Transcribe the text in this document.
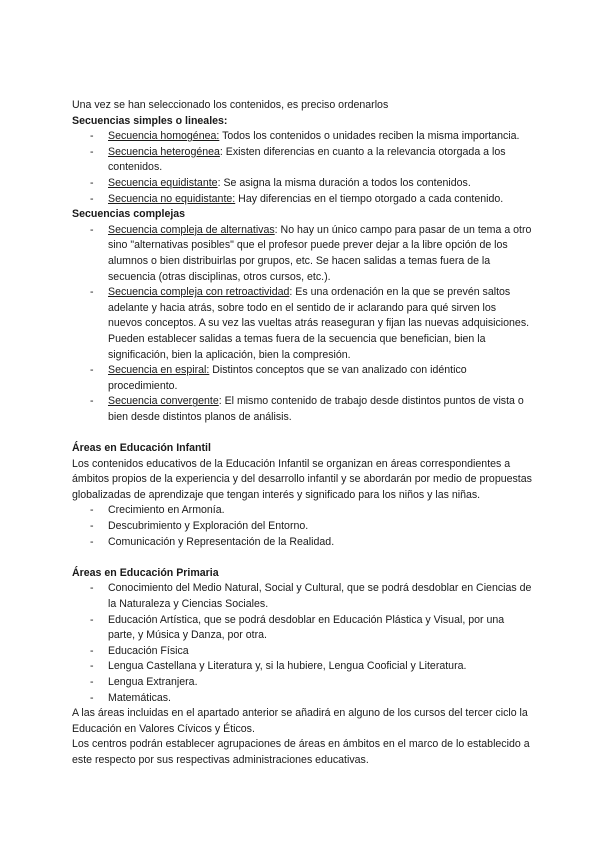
Una vez se han seleccionado los contenidos, es preciso ordenarlos

Secuencias simples o lineales:

- Secuencia homogénea: Todos los contenidos o unidades reciben la misma importancia.
- Secuencia heterogénea: Existen diferencias en cuanto a la relevancia otorgada a los contenidos.
- Secuencia equidistante: Se asigna la misma duración a todos los contenidos.
- Secuencia no equidistante: Hay diferencias en el tiempo otorgado a cada contenido.

Secuencias complejas

- Secuencia compleja de alternativas: No hay un único campo para pasar de un tema a otro sino "alternativas posibles" que el profesor puede prever dejar a la libre opción de los alumnos o bien distribuirlas por grupos, etc. Se hacen salidas a temas fuera de la secuencia (otras disciplinas, otros cursos, etc.).
- Secuencia compleja con retroactividad: Es una ordenación en la que se prevén saltos adelante y hacia atrás, sobre todo en el sentido de ir aclarando para qué sirven los nuevos conceptos. A su vez las vueltas atrás reaseguran y fijan las nuevas adquisiciones. Pueden establecer salidas a temas fuera de la secuencia que benefician, bien la significación, bien la aplicación, bien la compresión.
- Secuencia en espiral: Distintos conceptos que se van analizado con idéntico procedimiento.
- Secuencia convergente: El mismo contenido de trabajo desde distintos puntos de vista o bien desde distintos planos de análisis.

Áreas en Educación Infantil

Los contenidos educativos de la Educación Infantil se organizan en áreas correspondientes a ámbitos propios de la experiencia y del desarrollo infantil y se abordarán por medio de propuestas globalizadas de aprendizaje que tengan interés y significado para los niños y las niñas.

- Crecimiento en Armonía.
- Descubrimiento y Exploración del Entorno.
- Comunicación y Representación de la Realidad.

Áreas en Educación Primaria

- Conocimiento del Medio Natural, Social y Cultural, que se podrá desdoblar en Ciencias de la Naturaleza y Ciencias Sociales.
- Educación Artística, que se podrá desdoblar en Educación Plástica y Visual, por una parte, y Música y Danza, por otra.
- Educación Física
- Lengua Castellana y Literatura y, si la hubiere, Lengua Cooficial y Literatura.
- Lengua Extranjera.
- Matemáticas.

A las áreas incluidas en el apartado anterior se añadirá en alguno de los cursos del tercer ciclo la Educación en Valores Cívicos y Éticos.

Los centros podrán establecer agrupaciones de áreas en ámbitos en el marco de lo establecido a este respecto por sus respectivas administraciones educativas.
